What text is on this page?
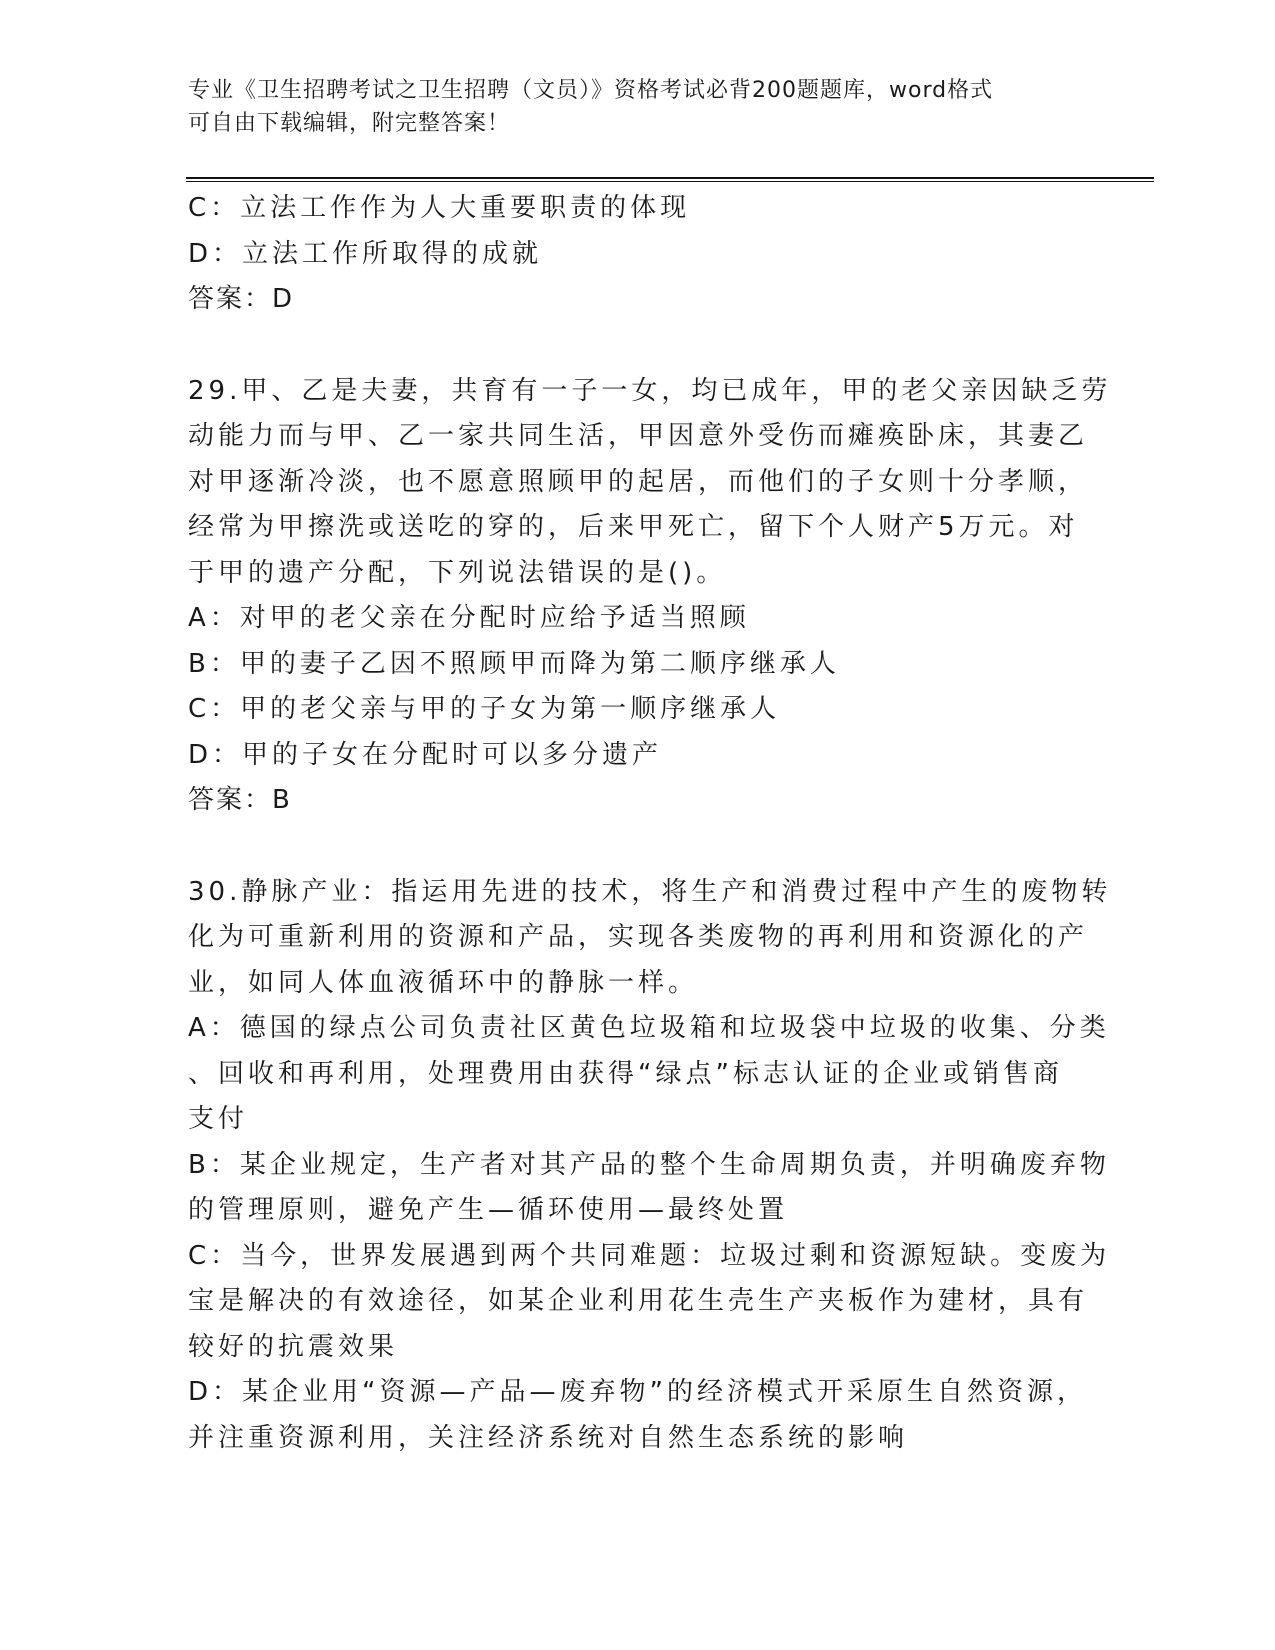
专业《卫生招聘考试之卫生招聘（文员）》资格考试必背200题题库，word格式
可自由下载编辑，附完整答案！
C：立法工作作为人大重要职责的体现
D：立法工作所取得的成就
答案：D
29.甲、乙是夫妻，共育有一子一女，均已成年，甲的老父亲因缺乏劳
动能力而与甲、乙一家共同生活，甲因意外受伤而瘫痪卧床，其妻乙
对甲逐渐冷淡，也不愿意照顾甲的起居，而他们的子女则十分孝顺，
经常为甲擦洗或送吃的穿的，后来甲死亡，留下个人财产5万元。对
于甲的遗产分配，下列说法错误的是()。
A：对甲的老父亲在分配时应给予适当照顾
B：甲的妻子乙因不照顾甲而降为第二顺序继承人
C：甲的老父亲与甲的子女为第一顺序继承人
D：甲的子女在分配时可以多分遗产
答案：B
30.静脉产业：指运用先进的技术，将生产和消费过程中产生的废物转
化为可重新利用的资源和产品，实现各类废物的再利用和资源化的产
业，如同人体血液循环中的静脉一样。
A：德国的绿点公司负责社区黄色垃圾箱和垃圾袋中垃圾的收集、分类
、回收和再利用，处理费用由获得“绿点”标志认证的企业或销售商
支付
B：某企业规定，生产者对其产品的整个生命周期负责，并明确废弃物
的管理原则，避免产生—循环使用—最终处置
C：当今，世界发展遇到两个共同难题：垃圾过剩和资源短缺。变废为
宝是解决的有效途径，如某企业利用花生壳生产夹板作为建材，具有
较好的抗震效果
D：某企业用“资源—产品—废弃物”的经济模式开采原生自然资源，
并注重资源利用，关注经济系统对自然生态系统的影响
